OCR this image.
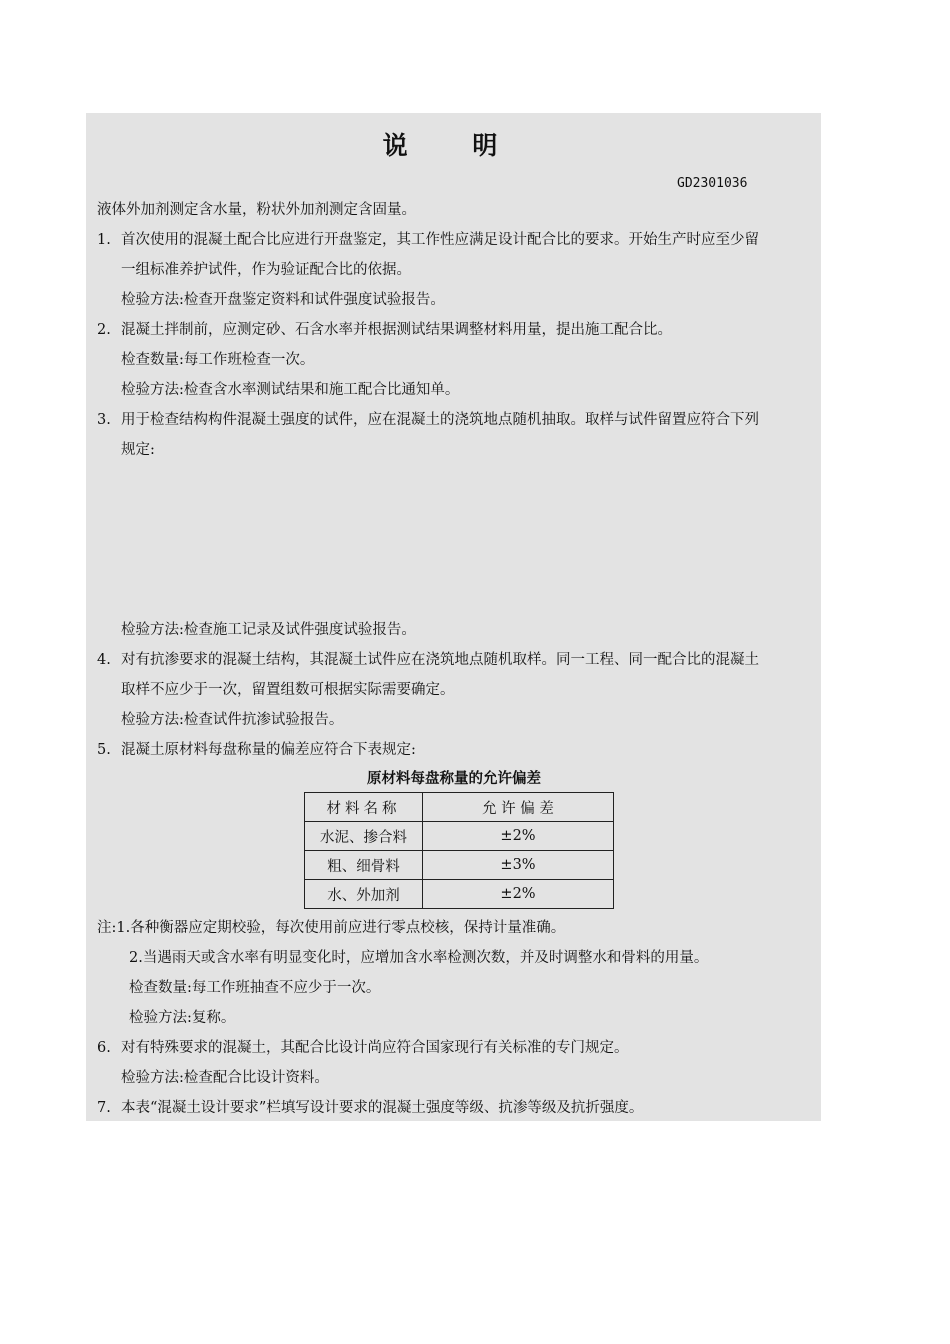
说 明
GD2301036
液体外加剂测定含水量，粉状外加剂测定含固量。
1. 首次使用的混凝土配合比应进行开盘鉴定，其工作性应满足设计配合比的要求。开始生产时应至少留
一组标准养护试件，作为验证配合比的依据。
检验方法:检查开盘鉴定资料和试件强度试验报告。
2. 混凝土拌制前，应测定砂、石含水率并根据测试结果调整材料用量，提出施工配合比。
检查数量:每工作班检查一次。
检验方法:检查含水率测试结果和施工配合比通知单。
3. 用于检查结构构件混凝土强度的试件，应在混凝土的浇筑地点随机抽取。取样与试件留置应符合下列
规定:
检验方法:检查施工记录及试件强度试验报告。
4. 对有抗渗要求的混凝土结构，其混凝土试件应在浇筑地点随机取样。同一工程、同一配合比的混凝土
取样不应少于一次，留置组数可根据实际需要确定。
检验方法:检查试件抗渗试验报告。
5. 混凝土原材料每盘称量的偏差应符合下表规定:
原材料每盘称量的允许偏差
材料名称	允 许 偏 差
水泥、掺合料	±2%
粗、细骨料	±3%
水、外加剂	±2%
注:1.各种衡器应定期校验，每次使用前应进行零点校核，保持计量准确。
2.当遇雨天或含水率有明显变化时，应增加含水率检测次数，并及时调整水和骨料的用量。
检查数量:每工作班抽查不应少于一次。
检验方法:复称。
6. 对有特殊要求的混凝土，其配合比设计尚应符合国家现行有关标准的专门规定。
检验方法:检查配合比设计资料。
7. 本表“混凝土设计要求”栏填写设计要求的混凝土强度等级、抗渗等级及抗折强度。
